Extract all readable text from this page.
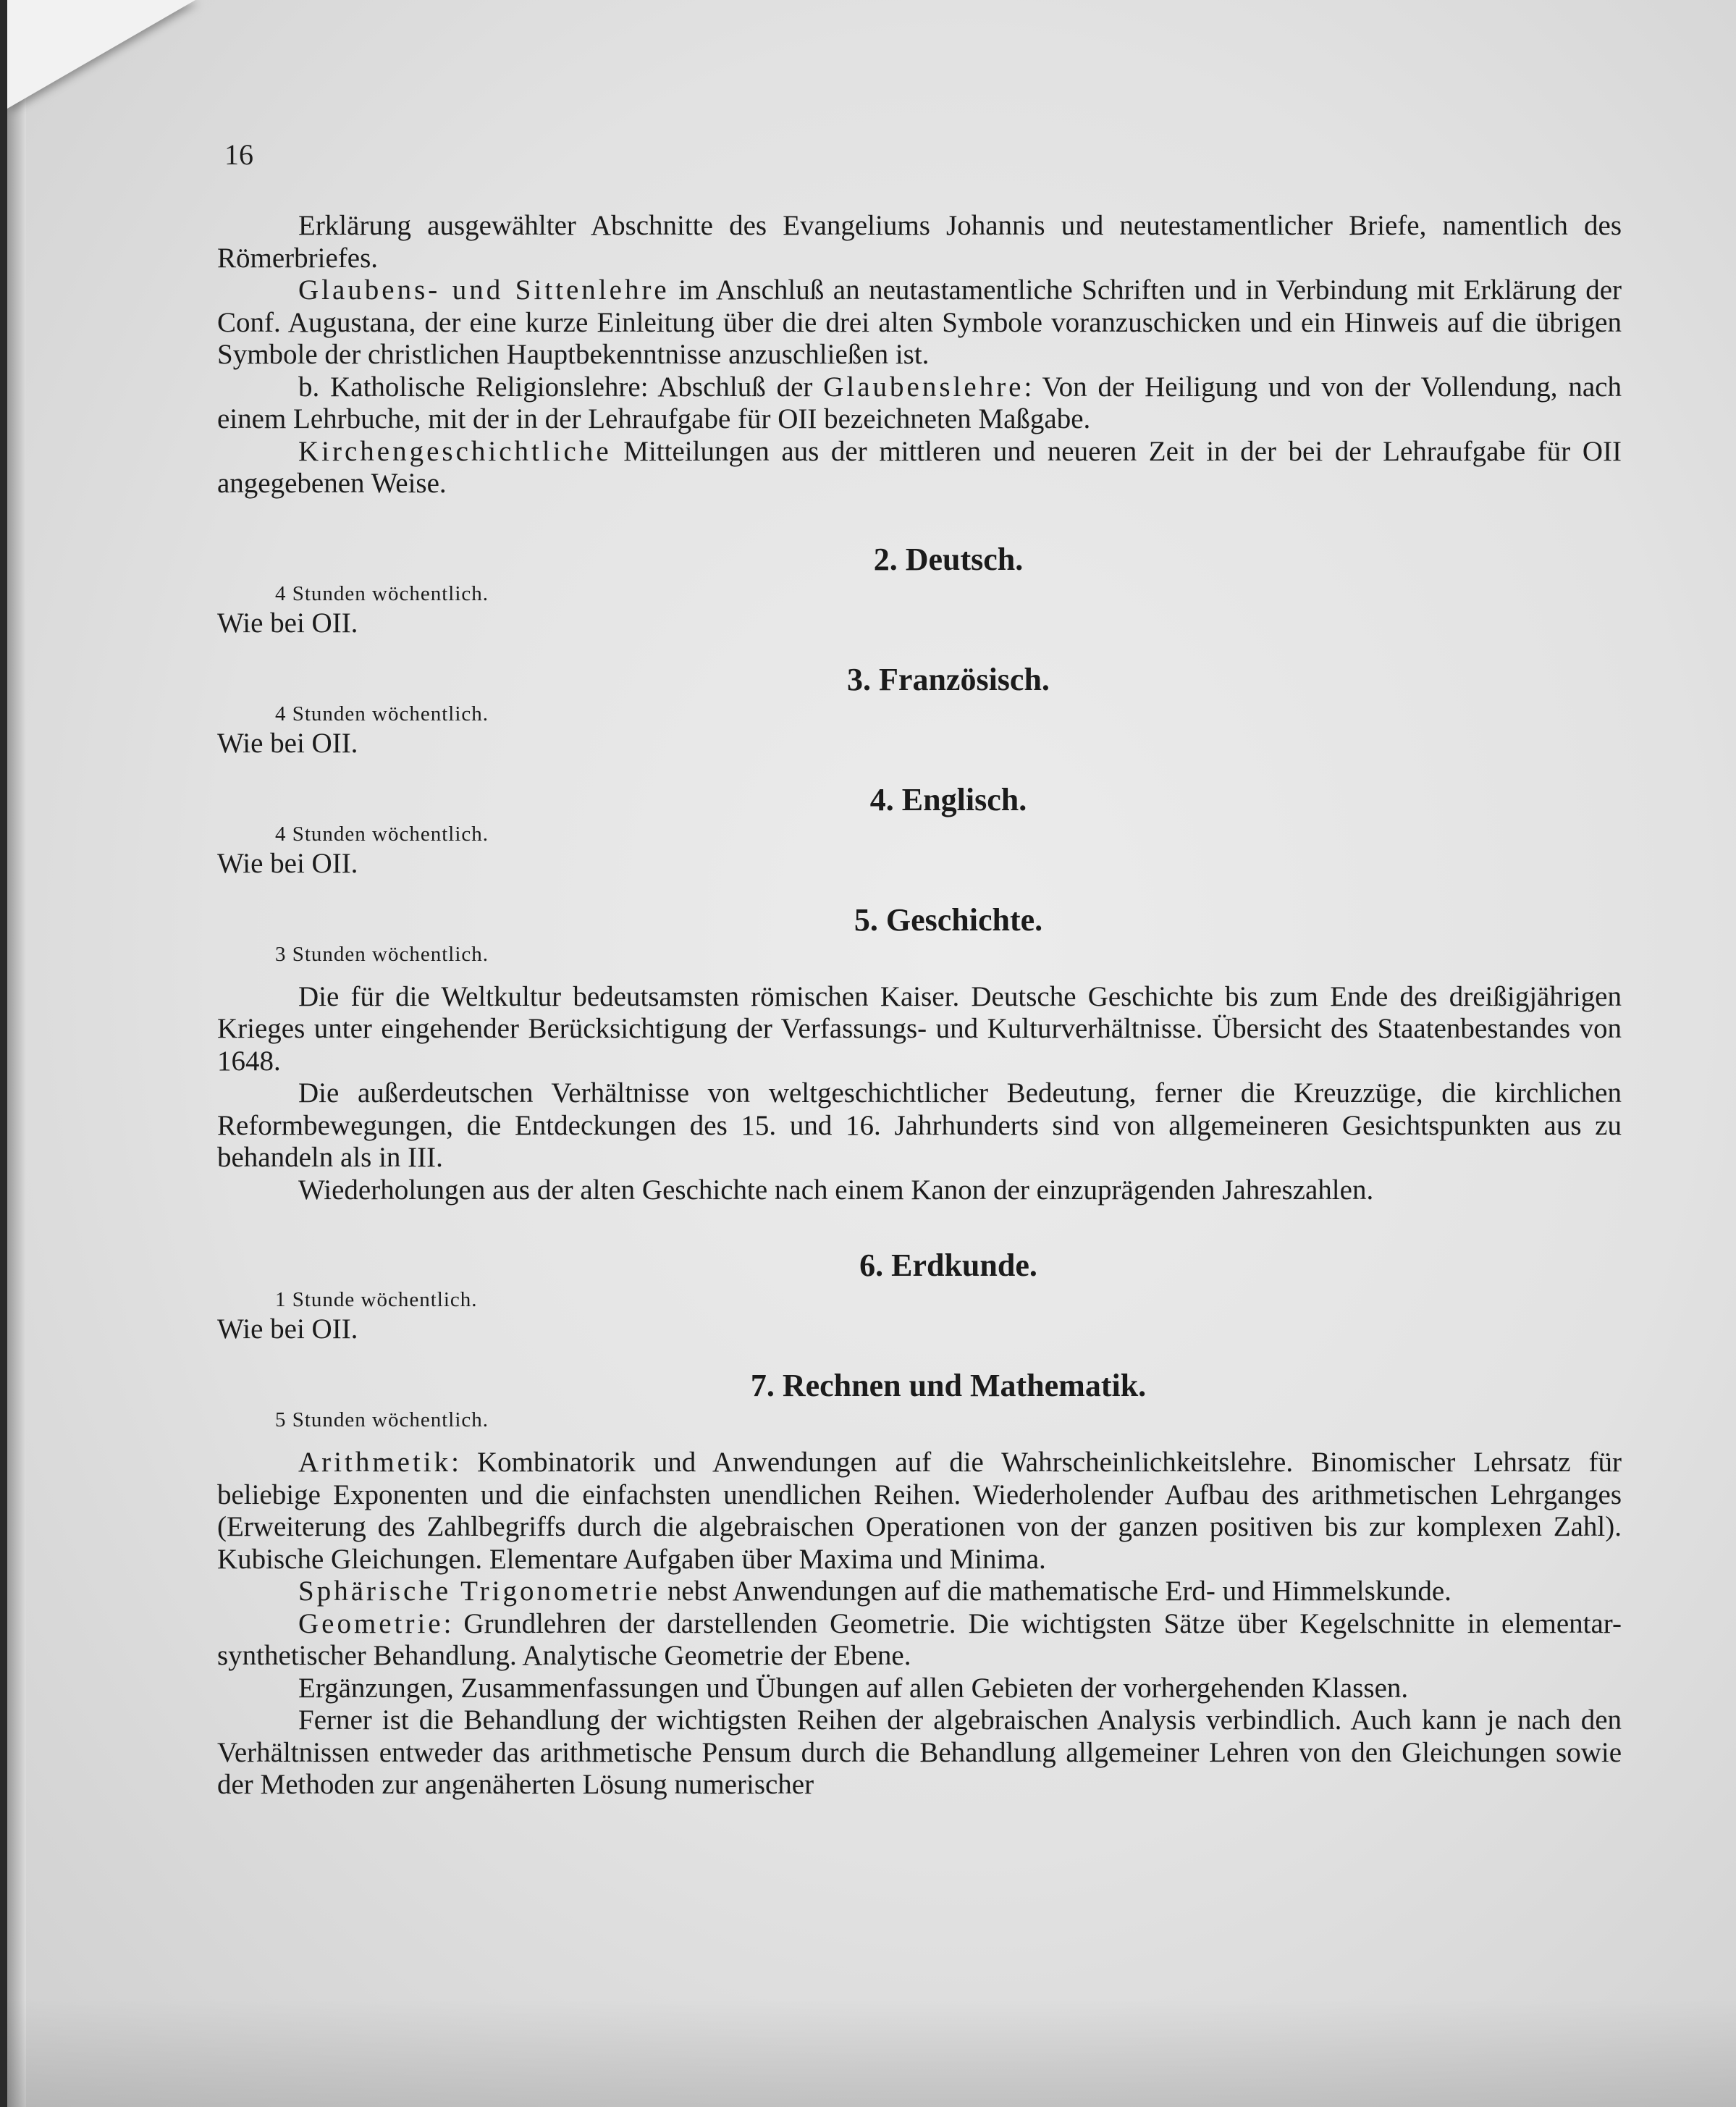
16

Erklärung ausgewählter Abschnitte des Evangeliums Johannis und neutestamentlicher Briefe, namentlich des Römerbriefes.

Glaubens- und Sittenlehre im Anschluß an neutastamentliche Schriften und in Verbindung mit Erklärung der Conf. Augustana, der eine kurze Einleitung über die drei alten Symbole voranzuschicken und ein Hinweis auf die übrigen Symbole der christlichen Hauptbekenntnisse anzuschließen ist.

b. Katholische Religionslehre: Abschluß der Glaubenslehre: Von der Heiligung und von der Vollendung, nach einem Lehrbuche, mit der in der Lehraufgabe für OII bezeichneten Maßgabe.

Kirchengeschichtliche Mitteilungen aus der mittleren und neueren Zeit in der bei der Lehraufgabe für OII angegebenen Weise.

2. Deutsch.

4 Stunden wöchentlich.

Wie bei OII.

3. Französisch.

4 Stunden wöchentlich.

Wie bei OII.

4. Englisch.

4 Stunden wöchentlich.

Wie bei OII.

5. Geschichte.

3 Stunden wöchentlich.

Die für die Weltkultur bedeutsamsten römischen Kaiser. Deutsche Geschichte bis zum Ende des dreißigjährigen Krieges unter eingehender Berücksichtigung der Verfassungs- und Kulturverhältnisse. Übersicht des Staatenbestandes von 1648.

Die außerdeutschen Verhältnisse von weltgeschichtlicher Bedeutung, ferner die Kreuzzüge, die kirchlichen Reformbewegungen, die Entdeckungen des 15. und 16. Jahrhunderts sind von allgemeineren Gesichtspunkten aus zu behandeln als in III.

Wiederholungen aus der alten Geschichte nach einem Kanon der einzuprägenden Jahreszahlen.

6. Erdkunde.

1 Stunde wöchentlich.

Wie bei OII.

7. Rechnen und Mathematik.

5 Stunden wöchentlich.

Arithmetik: Kombinatorik und Anwendungen auf die Wahrscheinlichkeitslehre. Binomischer Lehrsatz für beliebige Exponenten und die einfachsten unendlichen Reihen. Wiederholender Aufbau des arithmetischen Lehrganges (Erweiterung des Zahlbegriffs durch die algebraischen Operationen von der ganzen positiven bis zur komplexen Zahl). Kubische Gleichungen. Elementare Aufgaben über Maxima und Minima.

Sphärische Trigonometrie nebst Anwendungen auf die mathematische Erd- und Himmelskunde.

Geometrie: Grundlehren der darstellenden Geometrie. Die wichtigsten Sätze über Kegelschnitte in elementar-synthetischer Behandlung. Analytische Geometrie der Ebene.

Ergänzungen, Zusammenfassungen und Übungen auf allen Gebieten der vorhergehenden Klassen.

Ferner ist die Behandlung der wichtigsten Reihen der algebraischen Analysis verbindlich. Auch kann je nach den Verhältnissen entweder das arithmetische Pensum durch die Behandlung allgemeiner Lehren von den Gleichungen sowie der Methoden zur angenäherten Lösung numerischer
